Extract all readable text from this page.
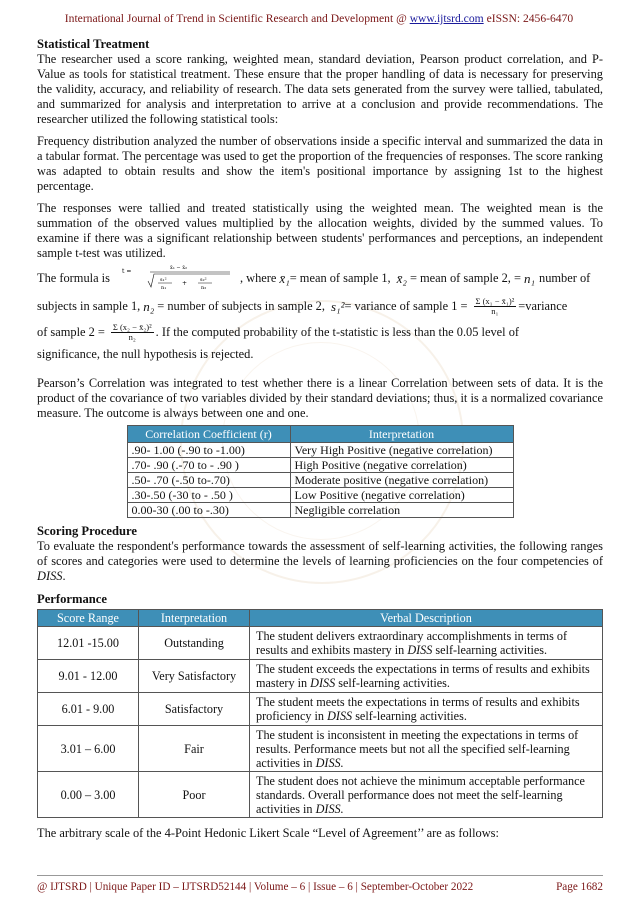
International Journal of Trend in Scientific Research and Development @ www.ijtsrd.com eISSN: 2456-6470

Statistical Treatment

The researcher used a score ranking, weighted mean, standard deviation, Pearson product correlation, and P-Value as tools for statistical treatment. These ensure that the proper handling of data is necessary for preserving the validity, accuracy, and reliability of research. The data sets generated from the survey were tallied, tabulated, and summarized for analysis and interpretation to arrive at a conclusion and provide recommendations. The researcher utilized the following statistical tools:

Frequency distribution analyzed the number of observations inside a specific interval and summarized the data in a tabular format. The percentage was used to get the proportion of the frequencies of responses. The score ranking was adapted to obtain results and show the item's positional importance by assigning 1st to the highest percentage.

The responses were tallied and treated statistically using the weighted mean. The weighted mean is the summation of the observed values multiplied by the allocation weights, divided by the summed values. To examine if there was a significant relationship between students' performances and perceptions, an independent sample t-test was utilized.

The formula is t =	x̄₁ − x̄₂
s₁²
n₁
+	s₂²
n₂
, where x̄₁ = mean of sample 1, x̄₂ = mean of sample 2, = n₁ number of
subjects in sample 1, n₂ = number of subjects in sample 2, s₁² = variance of sample $1 = \frac{\text{Σ (x₁ − x̄₁)²}}{\text{n₁}}$ =variance
of sample $2 = \frac{\text{Σ (x₂ − x̄₂)²}}{\text{n₂}}$ . If the computed probability of the t-statistic is less than the 0.05 level of

significance, the null hypothesis is rejected.

Pearson’s Correlation was integrated to test whether there is a linear Correlation between sets of data. It is the product of the covariance of two variables divided by their standard deviations; thus, it is a normalized covariance measure. The outcome is always between one and one.

Correlation Coefficient (r)	Interpretation
.90- 1.00 (-.90 to -1.00)	Very High Positive (negative correlation)
.70- .90 (.-70 to - .90 )	High Positive (negative correlation)
.50- .70 (-.50 to-.70)	Moderate positive (negative correlation)
.30-.50 (-30 to - .50 )	Low Positive (negative correlation)
0.00-30 (.00 to -.30)	Negligible correlation

Scoring Procedure

To evaluate the respondent's performance towards the assessment of self-learning activities, the following ranges of scores and categories were used to determine the levels of learning proficiencies on the four competencies of DISS.

Performance

Score Range	Interpretation	Verbal Description
12.01 -15.00	Outstanding	The student delivers extraordinary accomplishments in terms of results and exhibits mastery in DISS self-learning activities.
9.01 - 12.00	Very Satisfactory	The student exceeds the expectations in terms of results and exhibits mastery in DISS self-learning activities.
6.01 - 9.00	Satisfactory	The student meets the expectations in terms of results and exhibits proficiency in DISS self-learning activities.
3.01 – 6.00	Fair	The student is inconsistent in meeting the expectations in terms of results. Performance meets but not all the specified self-learning activities in DISS.
0.00 – 3.00	Poor	The student does not achieve the minimum acceptable performance standards. Overall performance does not meet the self-learning activities in DISS.

The arbitrary scale of the 4-Point Hedonic Likert Scale “Level of Agreement’’ are as follows:

@ IJTSRD | Unique Paper ID – IJTSRD52144 | Volume – 6 | Issue – 6 | September-October 2022	Page 1682
